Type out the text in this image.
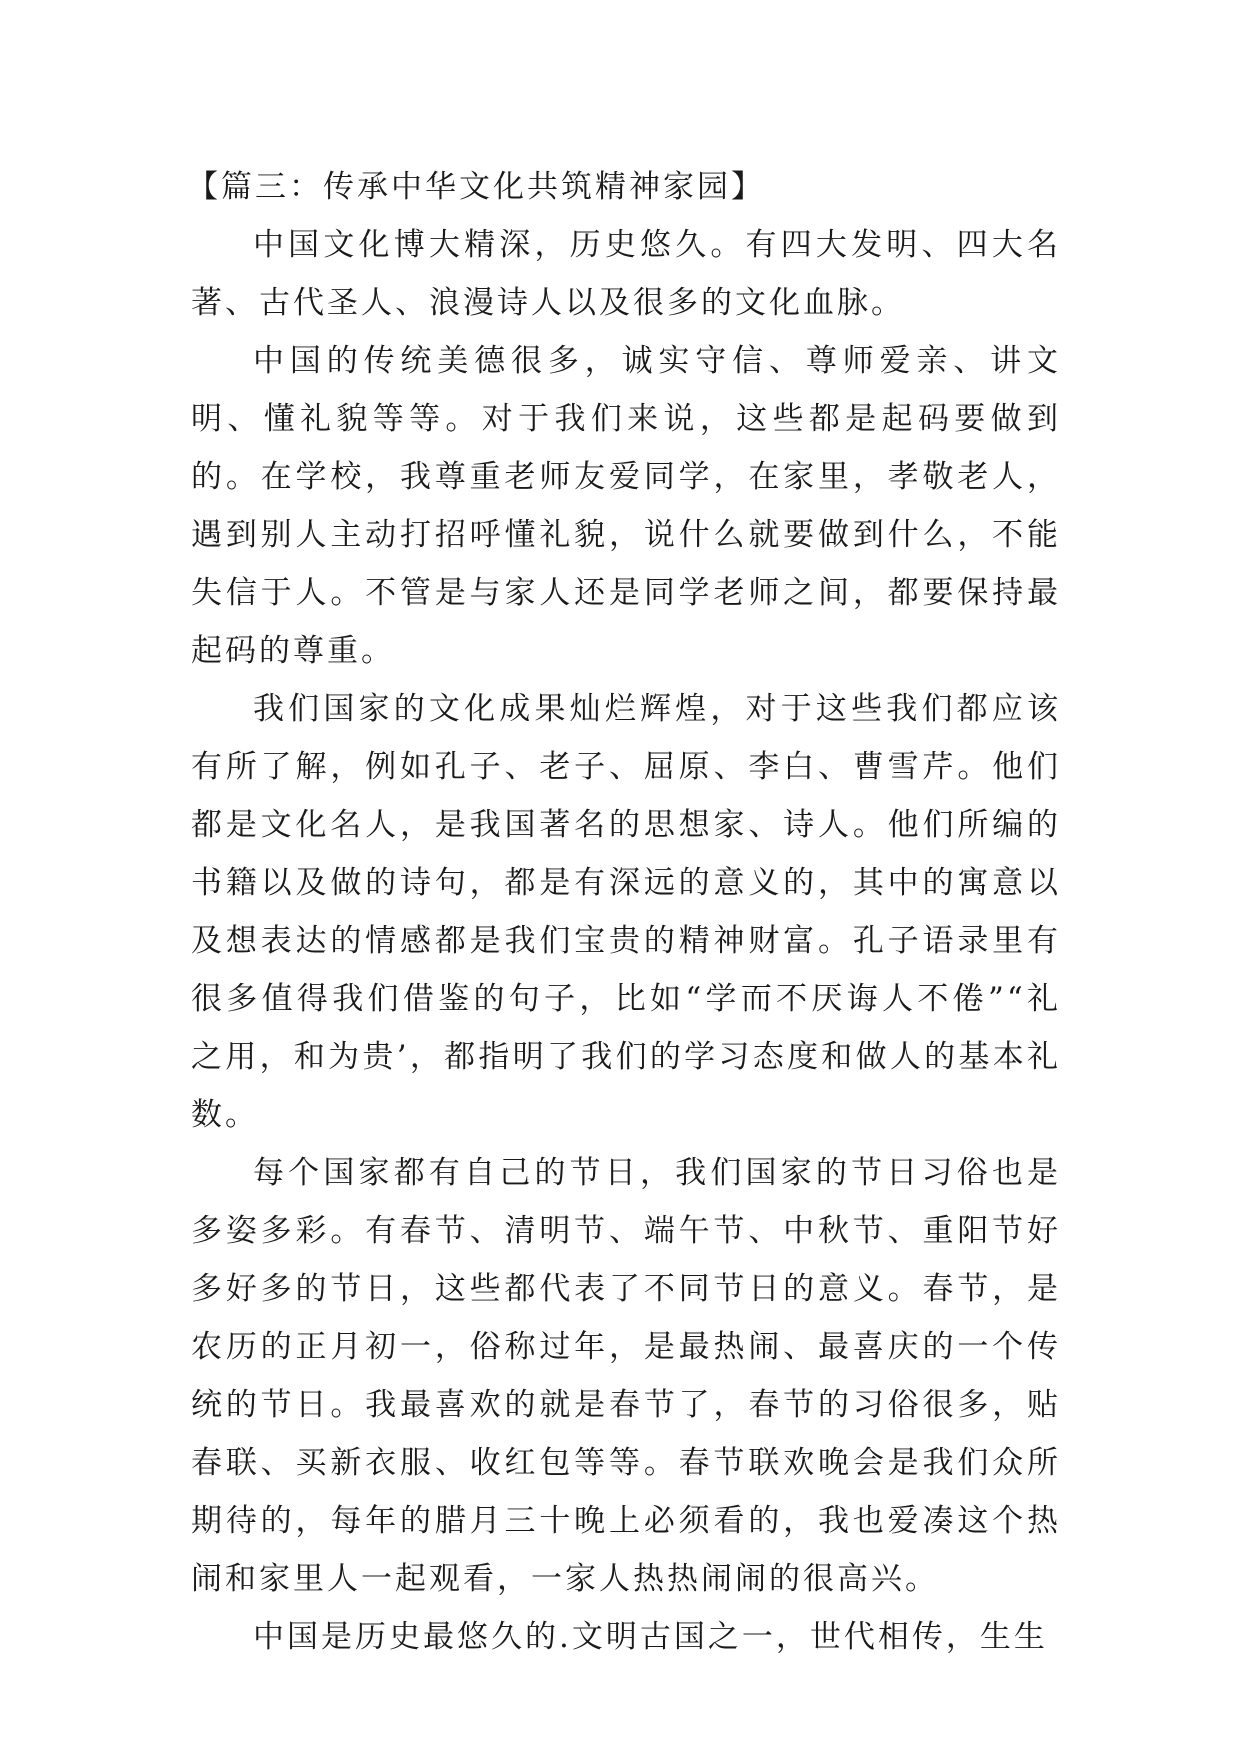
【篇三：传承中华文化共筑精神家园】

中国文化博大精深，历史悠久。有四大发明、四大名著、古代圣人、浪漫诗人以及很多的文化血脉。

中国的传统美德很多，诚实守信、尊师爱亲、讲文明、懂礼貌等等。对于我们来说，这些都是起码要做到的。在学校，我尊重老师友爱同学，在家里，孝敬老人，遇到别人主动打招呼懂礼貌，说什么就要做到什么，不能失信于人。不管是与家人还是同学老师之间，都要保持最起码的尊重。

我们国家的文化成果灿烂辉煌，对于这些我们都应该有所了解，例如孔子、老子、屈原、李白、曹雪芹。他们都是文化名人，是我国著名的思想家、诗人。他们所编的书籍以及做的诗句，都是有深远的意义的，其中的寓意以及想表达的情感都是我们宝贵的精神财富。孔子语录里有很多值得我们借鉴的句子，比如“学而不厌诲人不倦”“礼之用，和为贵’，都指明了我们的学习态度和做人的基本礼数。

每个国家都有自己的节日，我们国家的节日习俗也是多姿多彩。有春节、清明节、端午节、中秋节、重阳节好多好多的节日，这些都代表了不同节日的意义。春节，是农历的正月初一，俗称过年，是最热闹、最喜庆的一个传统的节日。我最喜欢的就是春节了，春节的习俗很多，贴春联、买新衣服、收红包等等。春节联欢晚会是我们众所期待的，每年的腊月三十晚上必须看的，我也爱凑这个热闹和家里人一起观看，一家人热热闹闹的很高兴。

中国是历史最悠久的.文明古国之一，世代相传，生生
